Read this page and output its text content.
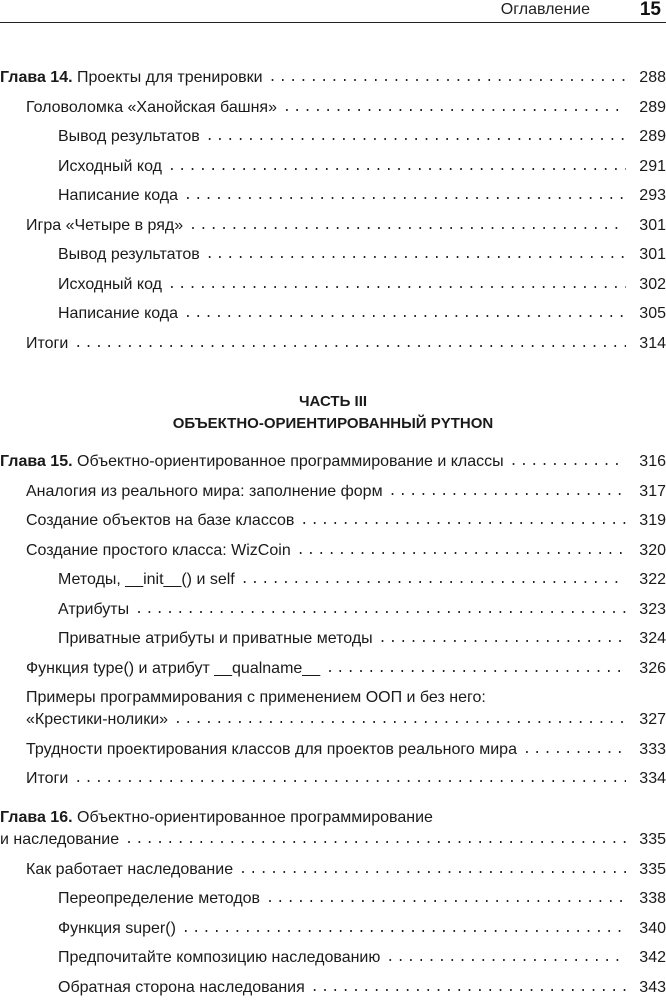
Оглавление	15
Глава 14. Проекты для тренировки .....	288
Головоломка «Ханойская башня» .....	289
Вывод результатов .....	289
Исходный код .....	291
Написание кода .....	293
Игра «Четыре в ряд» .....	301
Вывод результатов .....	301
Исходный код .....	302
Написание кода .....	305
Итоги .....	314
ЧАСТЬ III
ОБЪЕКТНО-ОРИЕНТИРОВАННЫЙ PYTHON
Глава 15. Объектно-ориентированное программирование и классы .....	316
Аналогия из реального мира: заполнение форм .....	317
Создание объектов на базе классов .....	319
Создание простого класса: WizCoin .....	320
Методы, __init__() и self .....	322
Атрибуты .....	323
Приватные атрибуты и приватные методы .....	324
Функция type() и атрибут __qualname__ .....	326
Примеры программирования с применением ООП и без него:
«Крестики-нолики» .....	327
Трудности проектирования классов для проектов реального мира .....	333
Итоги .....	334
Глава 16. Объектно-ориентированное программирование
и наследование .....	335
Как работает наследование .....	335
Переопределение методов .....	338
Функция super() .....	340
Предпочитайте композицию наследованию .....	342
Обратная сторона наследования .....	343
